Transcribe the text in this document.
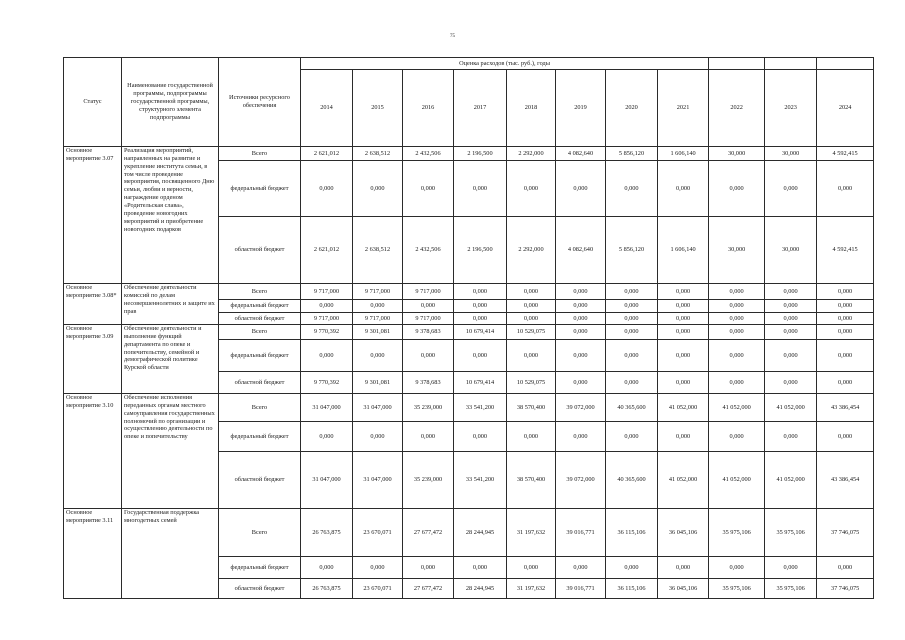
75
Статус	Наименование государственной программы, подпрограммы государственной программы, структурного элемента подпрограммы	Источники ресурсного обеспечения	Оценка расходов (тыс. руб.), годы										
			2014	2015	2016	2017	2018	2019	2020	2021	2022	2023	2024
Основное мероприятие 3.07	Реализация мероприятий, направленных на развитие и укрепление института семьи, в том числе проведение мероприятия, посвященного Дню семьи, любви и верности, награждение орденом «Родительская слава», проведение новогодних мероприятий и приобретение новогодних подарков	Всего	2 621,012	2 638,512	2 432,506	2 196,500	2 292,000	4 082,640	5 856,120	1 606,140	30,000	30,000	4 592,415
		федеральный бюджет	0,000	0,000	0,000	0,000	0,000	0,000	0,000	0,000	0,000	0,000	0,000
		областной бюджет	2 621,012	2 638,512	2 432,506	2 196,500	2 292,000	4 082,640	5 856,120	1 606,140	30,000	30,000	4 592,415
Основное мероприятие 3.08*	Обеспечение деятельности комиссий по делам несовершеннолетних и защите их прав	Всего	9 717,000	9 717,000	9 717,000	0,000	0,000	0,000	0,000	0,000	0,000	0,000	0,000
		федеральный бюджет	0,000	0,000	0,000	0,000	0,000	0,000	0,000	0,000	0,000	0,000	0,000
		областной бюджет	9 717,000	9 717,000	9 717,000	0,000	0,000	0,000	0,000	0,000	0,000	0,000	0,000
Основное мероприятие 3.09	Обеспечение деятельности и выполнение функций департамента по опеке и попечительству, семейной и демографической политике Курской области	Всего	9 770,392	9 301,081	9 378,683	10 679,414	10 529,075	0,000	0,000	0,000	0,000	0,000	0,000
		федеральный бюджет	0,000	0,000	0,000	0,000	0,000	0,000	0,000	0,000	0,000	0,000	0,000
		областной бюджет	9 770,392	9 301,081	9 378,683	10 679,414	10 529,075	0,000	0,000	0,000	0,000	0,000	0,000
Основное мероприятие 3.10	Обеспечение исполнения переданных органам местного самоуправления государственных полномочий по организации и осуществлению деятельности по опеке и попечительству	Всего	31 047,000	31 047,000	35 239,000	33 541,200	38 570,400	39 072,000	40 365,600	41 052,000	41 052,000	41 052,000	43 386,454
		федеральный бюджет	0,000	0,000	0,000	0,000	0,000	0,000	0,000	0,000	0,000	0,000	0,000
		областной бюджет	31 047,000	31 047,000	35 239,000	33 541,200	38 570,400	39 072,000	40 365,600	41 052,000	41 052,000	41 052,000	43 386,454
Основное мероприятие 3.11	Государственная поддержка многодетных семей	Всего	26 763,875	23 670,071	27 677,472	28 244,945	31 197,632	39 016,771	36 115,106	36 045,106	35 975,106	35 975,106	37 746,075
		федеральный бюджет	0,000	0,000	0,000	0,000	0,000	0,000	0,000	0,000	0,000	0,000	0,000
		областной бюджет	26 763,875	23 670,071	27 677,472	28 244,945	31 197,632	39 016,771	36 115,106	36 045,106	35 975,106	35 975,106	37 746,075
